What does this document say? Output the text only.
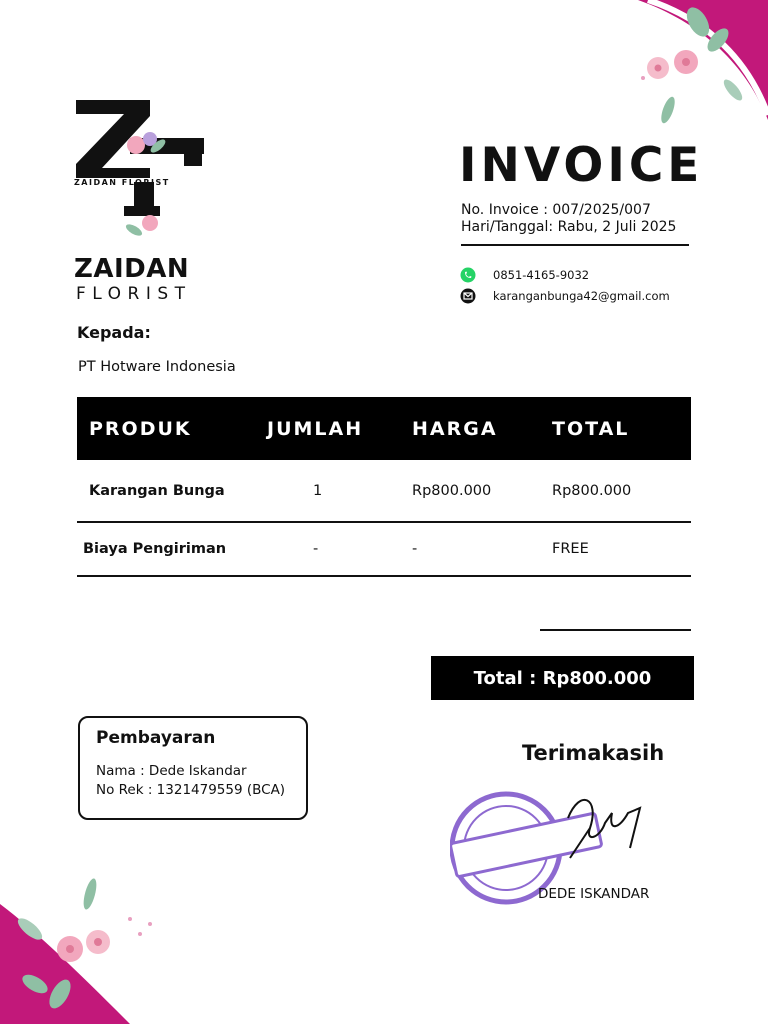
ZAIDAN FLORIST
ZAIDAN
FLORIST
INVOICE
No. Invoice : 007/2025/007
Hari/Tanggal: Rabu, 2 Juli 2025
0851-4165-9032
karanganbunga42@gmail.com
Kepada:
PT Hotware Indonesia
PRODUK	JUMLAH	HARGA	TOTAL
Karangan Bunga	1	Rp800.000	Rp800.000
Biaya Pengiriman	-	-	FREE
Total : Rp800.000
Pembayaran
Nama : Dede Iskandar
No Rek : 1321479559 (BCA)
Terimakasih
DEDE ISKANDAR
